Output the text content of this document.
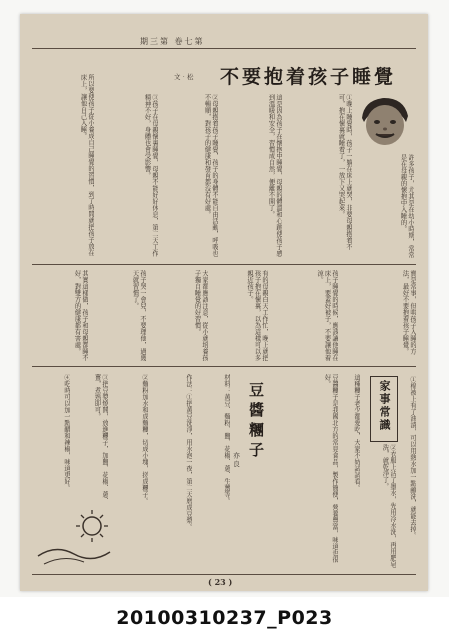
期三第 卷七第
不要抱着孩子睡覺
文‧松
許多孩子，尤其是在幼小時期，常常是在母親的懷抱中入睡的。
①晚上睡覺時，孩子一躺在床上就哭，非要母親抱着不可，抱在懷裏就睡着了，一放下又哭起來。
這是因為孩子在懷抱中睡覺，母親的體溫和心跳使孩子感到溫暖和安全，習慣成自然，便離不開了。
②母親抱着孩子睡覺，孩子的身體不能自由活動，呼吸也不暢順，對孩子的健康和發育都沒有好處。
③孩子在母親懷裏睡覺，母親不能好好休息，第二天工作精神不好，身體也會受影響。
所以要使孩子從小養成自己睡覺的習慣，到了時間就把孩子放在床上，讓他自己入睡。
寶是常事，但哄孩子入睡的方法，最好不要抱着孩子睡覺。
孩子睡覺的時候，應該讓他睡在床上，要蓋好被子，不要讓他着涼。
其實這樣做，孩子和母親都睡不好，對雙方的健康都有害處。	孩子哭一會兒，不要理他，過幾天就習慣了。	大家都應該注意，從小就培養孩子獨自睡覺的好習慣。	有的母親白天工作忙，晚上就把孩子抱在懷裏，以為這樣可以多親近孩子。
豆醬糰子
亦良	豆醬糰子是我國北方的常見食品，製作簡便，營養豐富，味道也很好。
材料：黃豆、麵粉、鹽、花椒、蔥、生薑等。
作法：①把黃豆洗淨，用水泡一夜，第二天磨成豆漿。
②麵粉加水和成麵糰，切成小塊，搓成糰子。
③把豆漿燒開，放進糰子，加鹽、花椒、蔥、薑，煮熟即可。
④吃時可以加一點醋和辣椒，味道更好。	這種糰子老少都愛吃，大家不妨試試看。 家事常識	①棉被上有了油漬，可以用熱水加一點鹼洗，就能去掉。
②衣服上沾了墨水，先用冷水洗，再用肥皂洗，就乾淨了。
( 23 )
20100310237_P023
